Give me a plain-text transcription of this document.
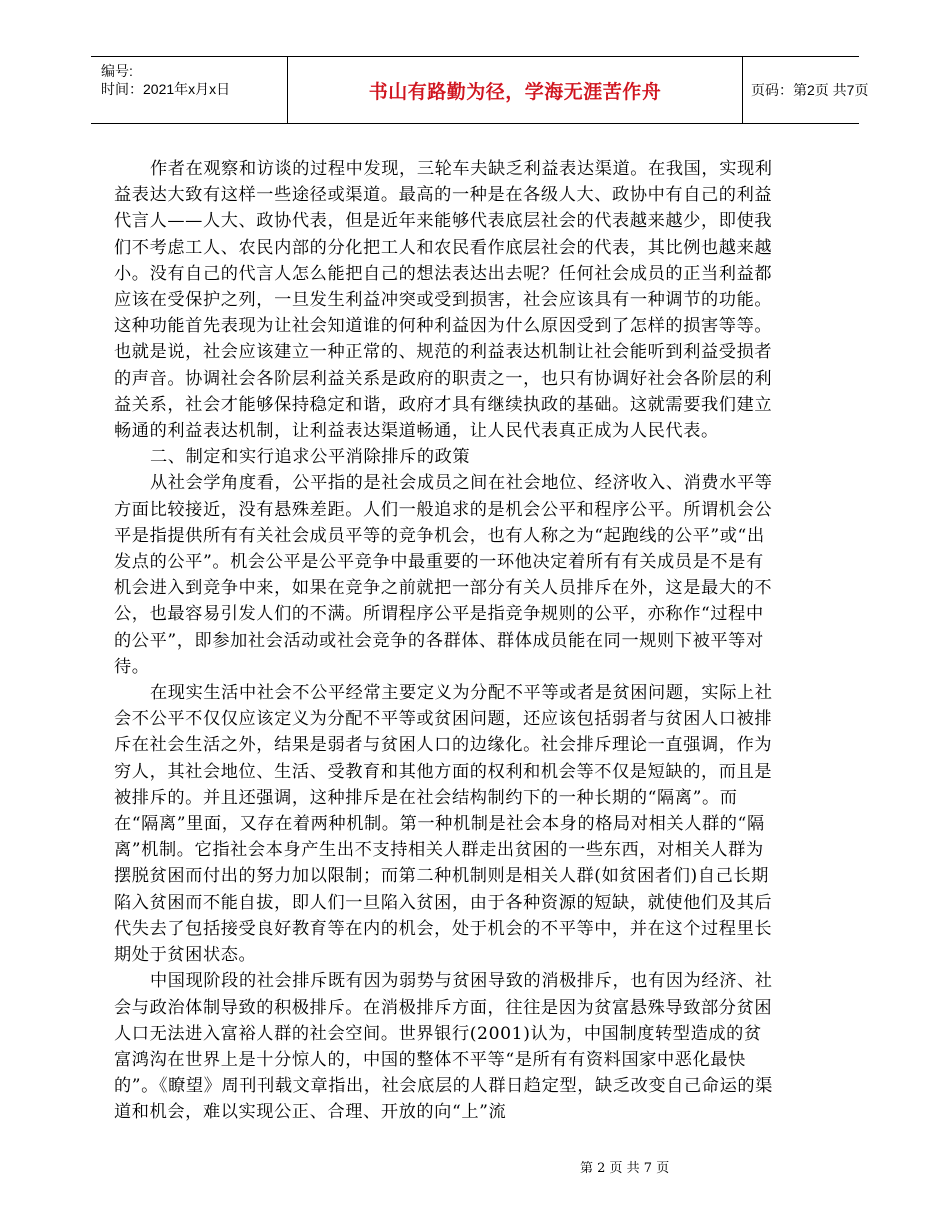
编号:
时间：2021年x月x日	书山有路勤为径，学海无涯苦作舟	页码：第2页 共7页

作者在观察和访谈的过程中发现，三轮车夫缺乏利益表达渠道。在我国，实现利益表达大致有这样一些途径或渠道。最高的一种是在各级人大、政协中有自己的利益代言人——人大、政协代表，但是近年来能够代表底层社会的代表越来越少，即使我们不考虑工人、农民内部的分化把工人和农民看作底层社会的代表，其比例也越来越小。没有自己的代言人怎么能把自己的想法表达出去呢？任何社会成员的正当利益都应该在受保护之列，一旦发生利益冲突或受到损害，社会应该具有一种调节的功能。这种功能首先表现为让社会知道谁的何种利益因为什么原因受到了怎样的损害等等。也就是说，社会应该建立一种正常的、规范的利益表达机制让社会能听到利益受损者的声音。协调社会各阶层利益关系是政府的职责之一，也只有协调好社会各阶层的利益关系，社会才能够保持稳定和谐，政府才具有继续执政的基础。这就需要我们建立畅通的利益表达机制，让利益表达渠道畅通，让人民代表真正成为人民代表。

二、制定和实行追求公平消除排斥的政策

从社会学角度看，公平指的是社会成员之间在社会地位、经济收入、消费水平等方面比较接近，没有悬殊差距。人们一般追求的是机会公平和程序公平。所谓机会公平是指提供所有有关社会成员平等的竞争机会，也有人称之为“起跑线的公平”或“出发点的公平”。机会公平是公平竞争中最重要的一环他决定着所有有关成员是不是有机会进入到竞争中来，如果在竞争之前就把一部分有关人员排斥在外，这是最大的不公，也最容易引发人们的不满。所谓程序公平是指竞争规则的公平，亦称作“过程中的公平”，即参加社会活动或社会竞争的各群体、群体成员能在同一规则下被平等对待。

在现实生活中社会不公平经常主要定义为分配不平等或者是贫困问题，实际上社会不公平不仅仅应该定义为分配不平等或贫困问题，还应该包括弱者与贫困人口被排斥在社会生活之外，结果是弱者与贫困人口的边缘化。社会排斥理论一直强调，作为穷人，其社会地位、生活、受教育和其他方面的权利和机会等不仅是短缺的，而且是被排斥的。并且还强调，这种排斥是在社会结构制约下的一种长期的“隔离”。而在“隔离”里面，又存在着两种机制。第一种机制是社会本身的格局对相关人群的“隔离”机制。它指社会本身产生出不支持相关人群走出贫困的一些东西，对相关人群为摆脱贫困而付出的努力加以限制；而第二种机制则是相关人群(如贫困者们)自己长期陷入贫困而不能自拔，即人们一旦陷入贫困，由于各种资源的短缺，就使他们及其后代失去了包括接受良好教育等在内的机会，处于机会的不平等中，并在这个过程里长期处于贫困状态。

中国现阶段的社会排斥既有因为弱势与贫困导致的消极排斥，也有因为经济、社会与政治体制导致的积极排斥。在消极排斥方面，往往是因为贫富悬殊导致部分贫困人口无法进入富裕人群的社会空间。世界银行(2001)认为，中国制度转型造成的贫富鸿沟在世界上是十分惊人的，中国的整体不平等“是所有有资料国家中恶化最快的”。《瞭望》周刊刊载文章指出，社会底层的人群日趋定型，缺乏改变自己命运的渠道和机会，难以实现公正、合理、开放的向“上”流

第 2 页 共 7 页
